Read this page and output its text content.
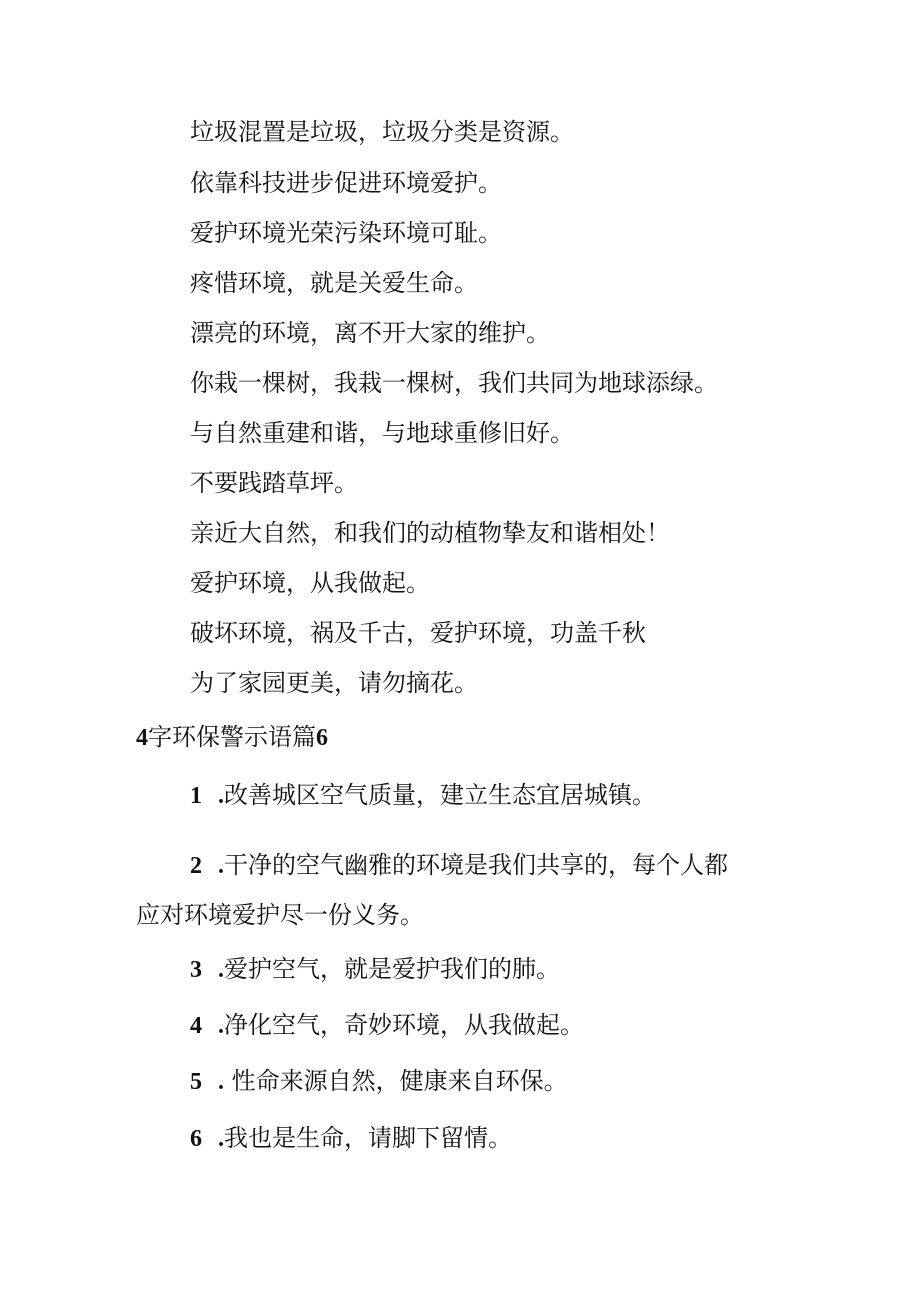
垃圾混置是垃圾，垃圾分类是资源。
依靠科技进步促进环境爱护。
爱护环境光荣污染环境可耻。
疼惜环境，就是关爱生命。
漂亮的环境，离不开大家的维护。
你栽一棵树，我栽一棵树，我们共同为地球添绿。
与自然重建和谐，与地球重修旧好。
不要践踏草坪。
亲近大自然，和我们的动植物挚友和谐相处！
爱护环境，从我做起。
破坏环境，祸及千古，爱护环境，功盖千秋
为了家园更美，请勿摘花。
4字环保警示语篇6
1 .改善城区空气质量，建立生态宜居城镇。
2 .干净的空气幽雅的环境是我们共享的，每个人都
应对环境爱护尽一份义务。
3 .爱护空气，就是爱护我们的肺。
4 .净化空气，奇妙环境，从我做起。
5 . 性命来源自然，健康来自环保。
6 .我也是生命，请脚下留情。
